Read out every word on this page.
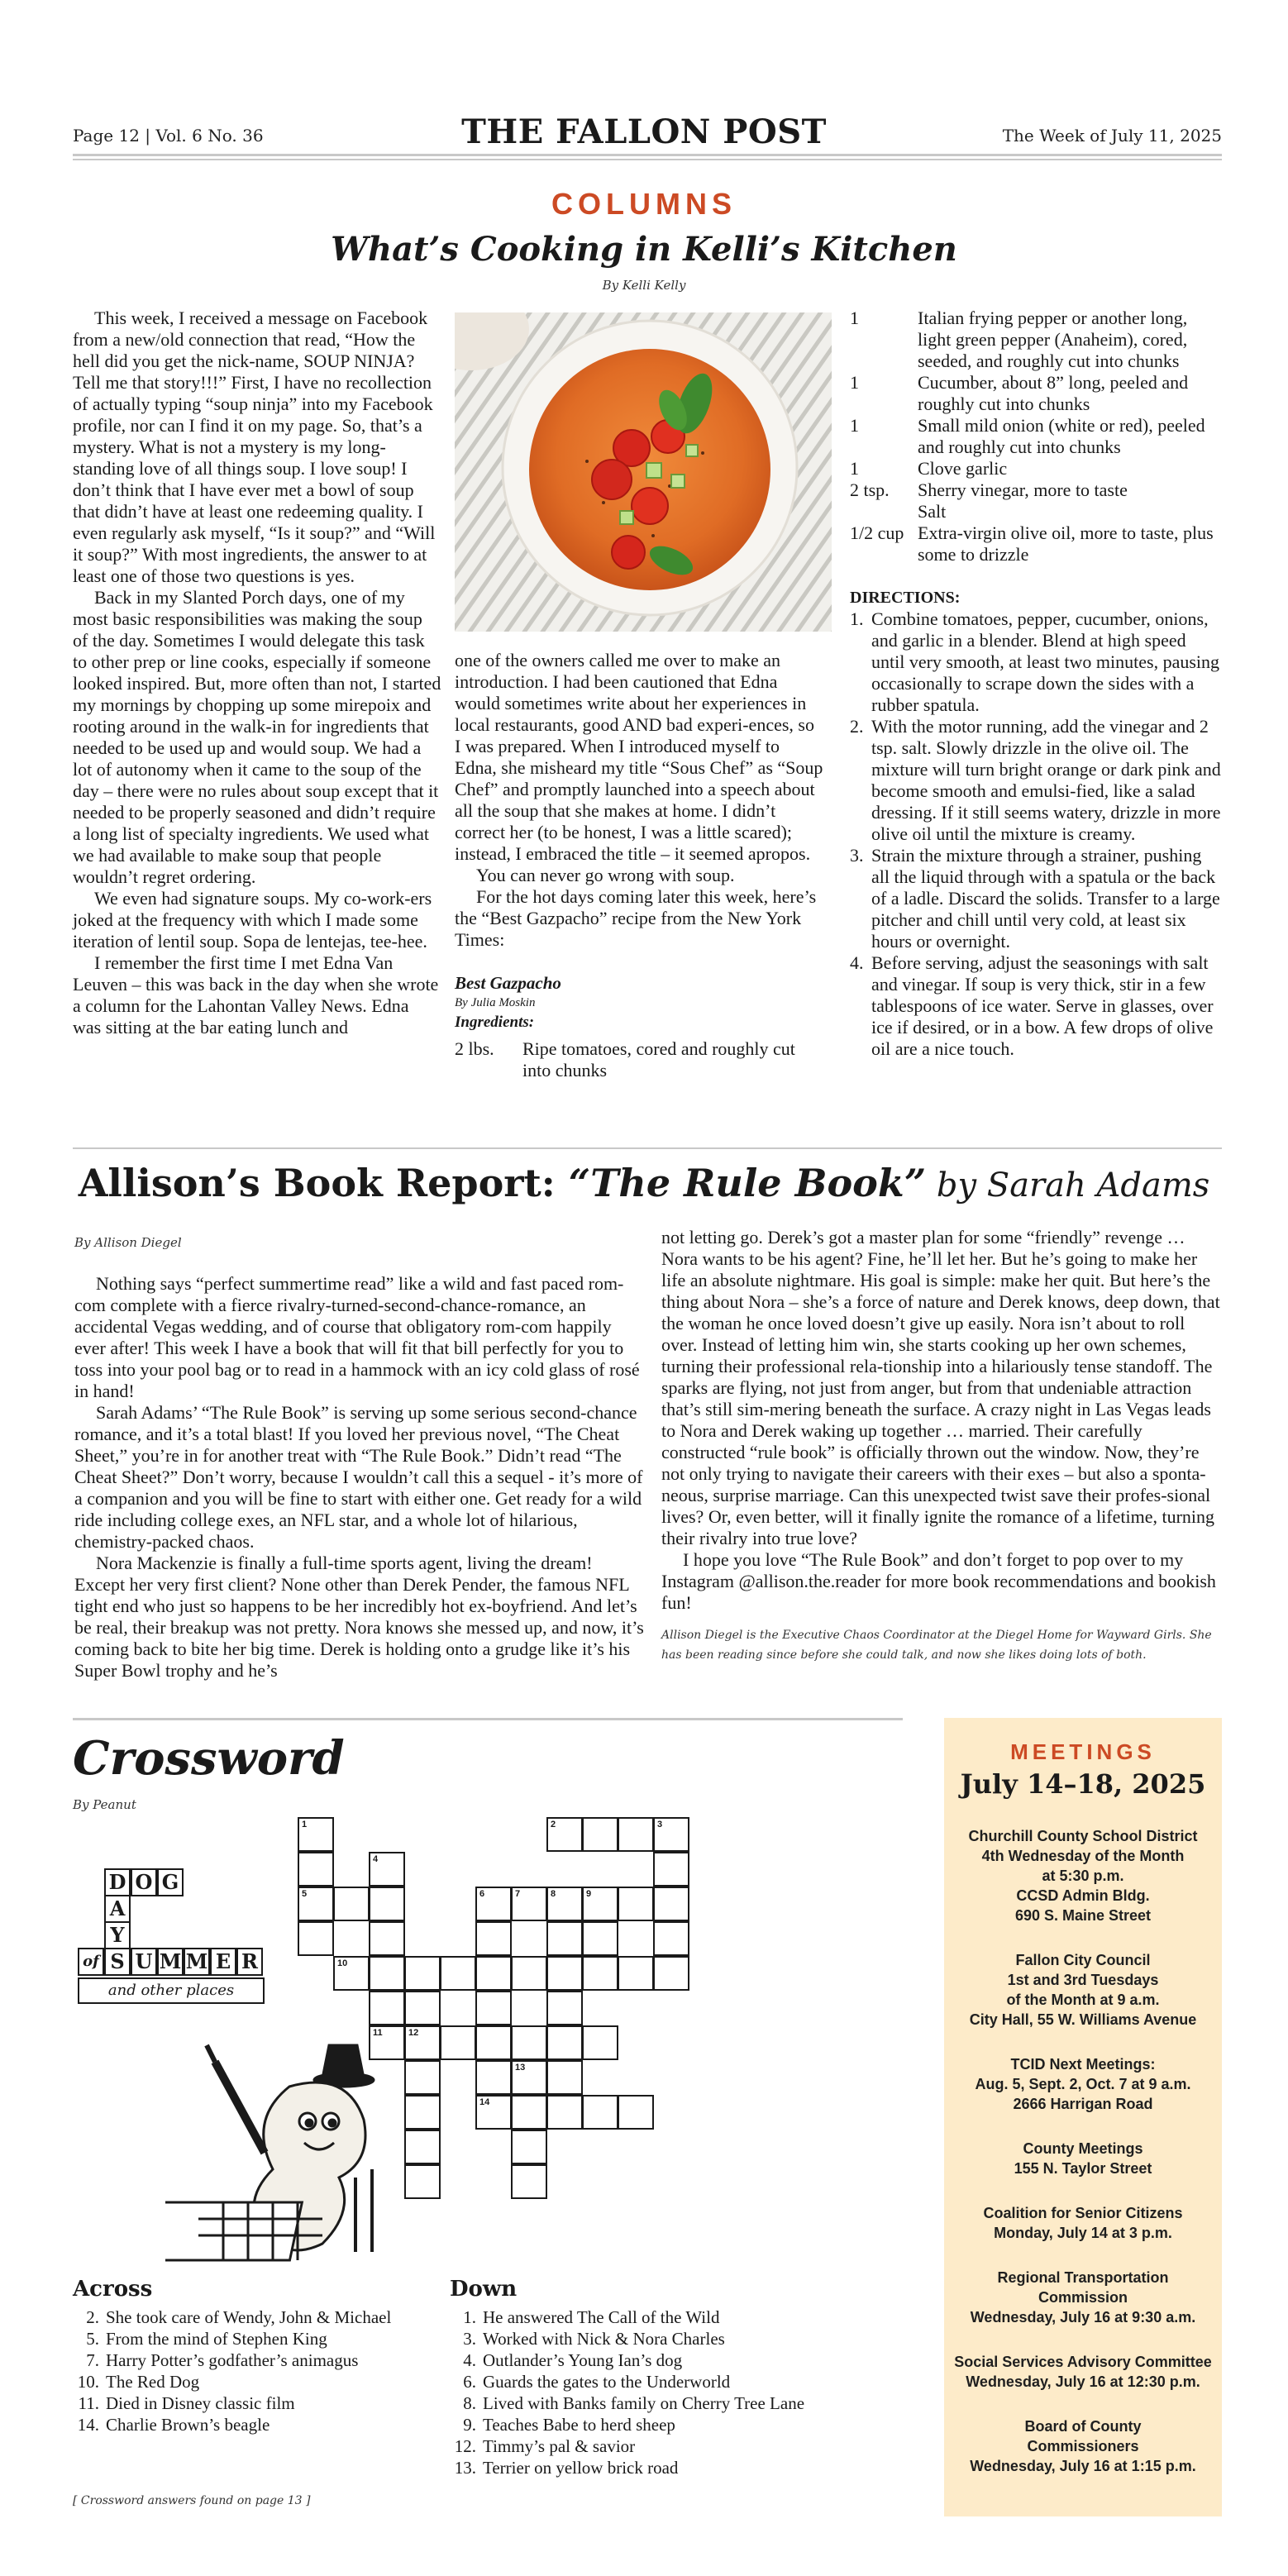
Page 12 | Vol. 6 No. 36	THE FALLON POST	The Week of July 11, 2025
COLUMNS
What’s Cooking in Kelli’s Kitchen
By Kelli Kelly

This week, I received a message on Facebook from a new/old connection that read, “How the hell did you get the nick-name, SOUP NINJA? Tell me that story!!!” First, I have no recollection of actually typing “soup ninja” into my Facebook profile, nor can I find it on my page. So, that’s a mystery. What is not a mystery is my long-standing love of all things soup. I love soup! I don’t think that I have ever met a bowl of soup that didn’t have at least one redeeming quality. I even regularly ask myself, “Is it soup?” and “Will it soup?” With most ingredients, the answer to at least one of those two questions is yes.

Back in my Slanted Porch days, one of my most basic responsibilities was making the soup of the day. Sometimes I would delegate this task to other prep or line cooks, especially if someone looked inspired. But, more often than not, I started my mornings by chopping up some mirepoix and rooting around in the walk-in for ingredients that needed to be used up and would soup. We had a lot of autonomy when it came to the soup of the day – there were no rules about soup except that it needed to be properly seasoned and didn’t require a long list of specialty ingredients. We used what we had available to make soup that people wouldn’t regret ordering.

We even had signature soups. My co-work-ers joked at the frequency with which I made some iteration of lentil soup. Sopa de lentejas, tee-hee.

I remember the first time I met Edna Van Leuven – this was back in the day when she wrote a column for the Lahontan Valley News. Edna was sitting at the bar eating lunch and

one of the owners called me over to make an introduction. I had been cautioned that Edna would sometimes write about her experiences in local restaurants, good AND bad experi-ences, so I was prepared. When I introduced myself to Edna, she misheard my title “Sous Chef” as “Soup Chef” and promptly launched into a speech about all the soup that she makes at home. I didn’t correct her (to be honest, I was a little scared); instead, I embraced the title – it seemed apropos.

You can never go wrong with soup.

For the hot days coming later this week, here’s the “Best Gazpacho” recipe from the New York Times:

Best Gazpacho
By Julia Moskin
Ingredients:
2 lbs.	Ripe tomatoes, cored and roughly cut into chunks
1	Italian frying pepper or another long, light green pepper (Anaheim), cored, seeded, and roughly cut into chunks
1	Cucumber, about 8” long, peeled and roughly cut into chunks
1	Small mild onion (white or red), peeled and roughly cut into chunks
1	Clove garlic
2 tsp.	Sherry vinegar, more to taste
Salt
1/2 cup Extra-virgin olive oil, more to taste, plus some to drizzle
DIRECTIONS:
1. Combine tomatoes, pepper, cucumber, onions, and garlic in a blender. Blend at high speed until very smooth, at least two minutes, pausing occasionally to scrape down the sides with a rubber spatula.
2. With the motor running, add the vinegar and 2 tsp. salt. Slowly drizzle in the olive oil. The mixture will turn bright orange or dark pink and become smooth and emulsi-fied, like a salad dressing. If it still seems watery, drizzle in more olive oil until the mixture is creamy.
3. Strain the mixture through a strainer, pushing all the liquid through with a spatula or the back of a ladle. Discard the solids. Transfer to a large pitcher and chill until very cold, at least six hours or overnight.
4. Before serving, adjust the seasonings with salt and vinegar. If soup is very thick, stir in a few tablespoons of ice water. Serve in glasses, over ice if desired, or in a bow. A few drops of olive oil are a nice touch.
Allison’s Book Report: “The Rule Book” by Sarah Adams
By Allison Diegel

Nothing says “perfect summertime read” like a wild and fast paced rom-com complete with a fierce rivalry-turned-second-chance-romance, an accidental Vegas wedding, and of course that obligatory rom-com happily ever after! This week I have a book that will fit that bill perfectly for you to toss into your pool bag or to read in a hammock with an icy cold glass of rosé in hand!

Sarah Adams’ “The Rule Book” is serving up some serious second-chance romance, and it’s a total blast! If you loved her previous novel, “The Cheat Sheet,” you’re in for another treat with “The Rule Book.” Didn’t read “The Cheat Sheet?” Don’t worry, because I wouldn’t call this a sequel - it’s more of a companion and you will be fine to start with either one. Get ready for a wild ride including college exes, an NFL star, and a whole lot of hilarious, chemistry-packed chaos.

Nora Mackenzie is finally a full-time sports agent, living the dream! Except her very first client? None other than Derek Pender, the famous NFL tight end who just so happens to be her incredibly hot ex-boyfriend. And let’s be real, their breakup was not pretty. Nora knows she messed up, and now, it’s coming back to bite her big time. Derek is holding onto a grudge like it’s his Super Bowl trophy and he’s

not letting go. Derek’s got a master plan for some “friendly” revenge … Nora wants to be his agent? Fine, he’ll let her. But he’s going to make her life an absolute nightmare. His goal is simple: make her quit. But here’s the thing about Nora – she’s a force of nature and Derek knows, deep down, that the woman he once loved doesn’t give up easily. Nora isn’t about to roll over. Instead of letting him win, she starts cooking up her own schemes, turning their professional rela-tionship into a hilariously tense standoff. The sparks are flying, not just from anger, but from that undeniable attraction that’s still sim-mering beneath the surface. A crazy night in Las Vegas leads to Nora and Derek waking up together … married. Their carefully constructed “rule book” is officially thrown out the window. Now, they’re not only trying to navigate their careers with their exes – but also a sponta-neous, surprise marriage. Can this unexpected twist save their profes-sional lives? Or, even better, will it finally ignite the romance of a lifetime, turning their rivalry into true love?

I hope you love “The Rule Book” and don’t forget to pop over to my Instagram @allison.the.reader for more book recommendations and bookish fun!

Allison Diegel is the Executive Chaos Coordinator at the Diegel Home for Wayward Girls. She has been reading since before she could talk, and now she likes doing lots of both.
Crossword
By Peanut
D O G
A
Y
of S U M M E R
and other places
1
5
4
10
12
2	3
6	7	8	9
11
13
14
Across
2. She took care of Wendy, John & Michael
5. From the mind of Stephen King
7. Harry Potter’s godfather’s animagus
10. The Red Dog
11. Died in Disney classic film
14. Charlie Brown’s beagle
Down
1. He answered The Call of the Wild
3. Worked with Nick & Nora Charles
4. Outlander’s Young Ian’s dog
6. Guards the gates to the Underworld
8. Lived with Banks family on Cherry Tree Lane
9. Teaches Babe to herd sheep
12. Timmy’s pal & savior
13. Terrier on yellow brick road
[ Crossword answers found on page 13 ]
MEETINGS
July 14–18, 2025
Churchill County School District
4th Wednesday of the Month
at 5:30 p.m.
CCSD Admin Bldg.
690 S. Maine Street
Fallon City Council
1st and 3rd Tuesdays
of the Month at 9 a.m.
City Hall, 55 W. Williams Avenue
TCID Next Meetings:
Aug. 5, Sept. 2, Oct. 7 at 9 a.m.
2666 Harrigan Road
County Meetings
155 N. Taylor Street
Coalition for Senior Citizens
Monday, July 14 at 3 p.m.
Regional Transportation
Commission
Wednesday, July 16 at 9:30 a.m.
Social Services Advisory Committee
Wednesday, July 16 at 12:30 p.m.
Board of County
Commissioners
Wednesday, July 16 at 1:15 p.m.
